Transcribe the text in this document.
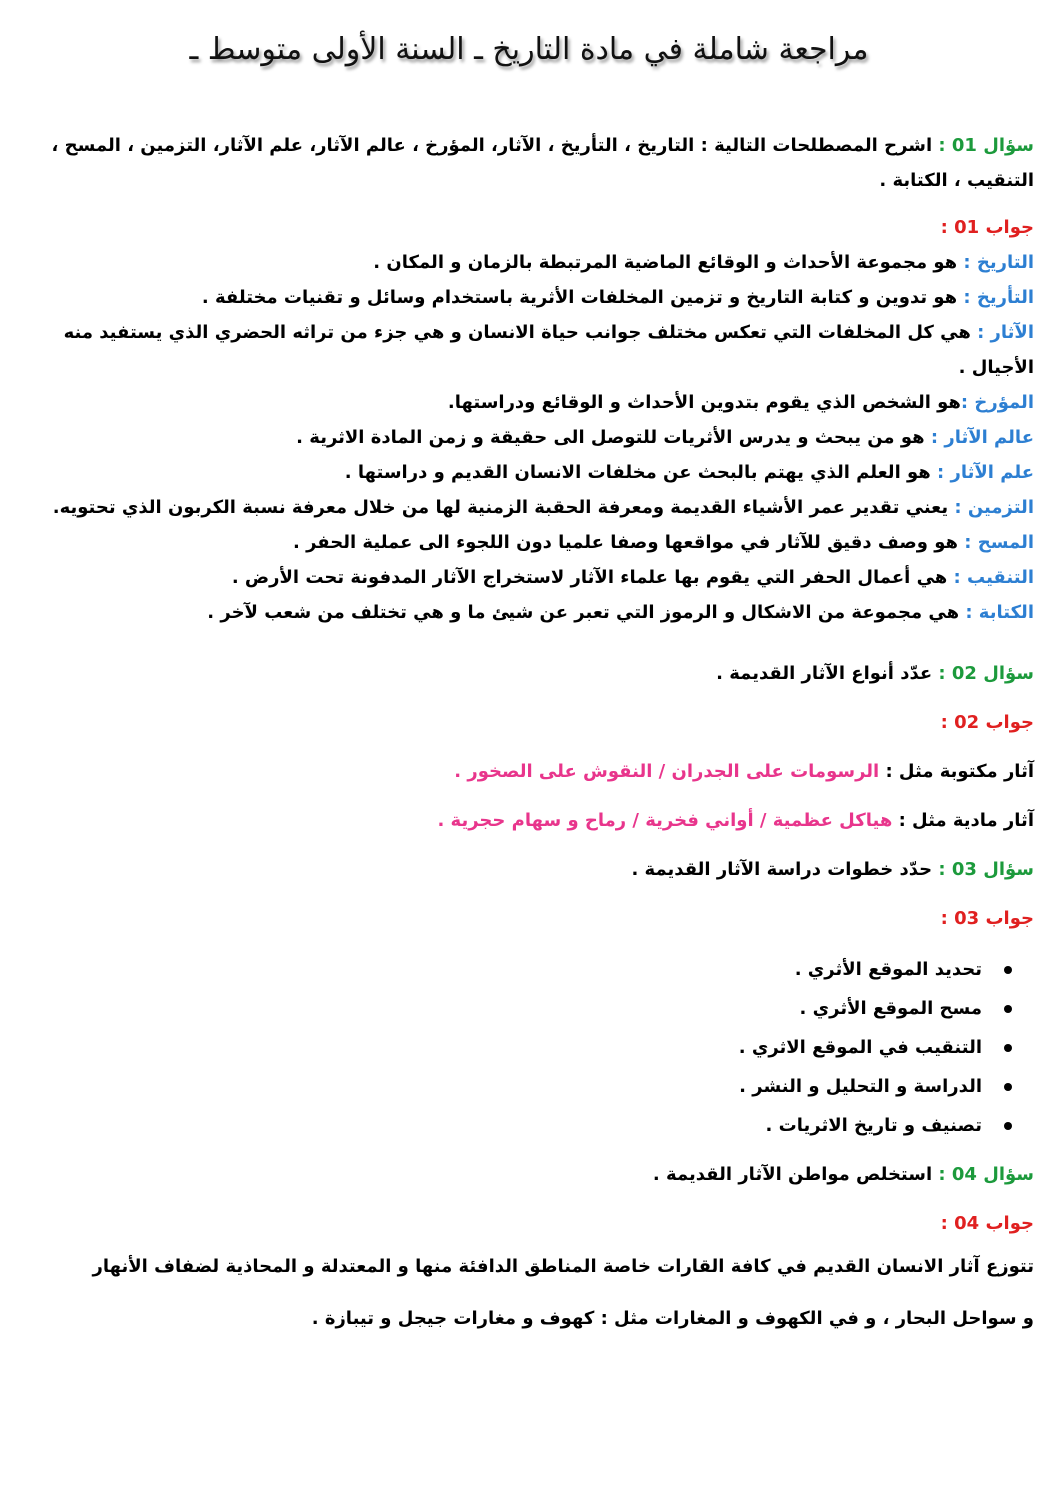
مراجعة شاملة في مادة التاريخ ـ السنة الأولى متوسط ـ

سؤال 01 : اشرح المصطلحات التالية : التاريخ ، التأريخ ، الآثار، المؤرخ ، عالم الآثار، علم الآثار، التزمين ، المسح ، التنقيب ، الكتابة .

جواب 01 :

التاريخ : هو مجموعة الأحداث و الوقائع الماضية المرتبطة بالزمان و المكان .

التأريخ : هو تدوين و كتابة التاريخ و تزمين المخلفات الأثرية باستخدام وسائل و تقنيات مختلفة .

الآثار : هي كل المخلفات التي تعكس مختلف جوانب حياة الانسان و هي جزء من تراثه الحضري الذي يستفيد منه الأجيال .

المؤرخ :هو الشخص الذي يقوم بتدوين الأحداث و الوقائع ودراستها.

عالم الآثار : هو من يبحث و يدرس الأثريات للتوصل الى حقيقة و زمن المادة الاثرية .

علم الآثار : هو العلم الذي يهتم بالبحث عن مخلفات الانسان القديم و دراستها .

التزمين : يعني تقدير عمر الأشياء القديمة ومعرفة الحقبة الزمنية لها من خلال معرفة نسبة الكربون الذي تحتويه.

المسح : هو وصف دقيق للآثار في مواقعها وصفا علميا دون اللجوء الى عملية الحفر .

التنقيب : هي أعمال الحفر التي يقوم بها علماء الآثار لاستخراج الآثار المدفونة تحت الأرض .

الكتابة : هي مجموعة من الاشكال و الرموز التي تعبر عن شيئ ما و هي تختلف من شعب لآخر .

سؤال 02 : عدّد أنواع الآثار القديمة .

جواب 02 :

آثار مكتوبة مثل : الرسومات على الجدران / النقوش على الصخور .

آثار مادية مثل : هياكل عظمية / أواني فخرية / رماح و سهام حجرية .

سؤال 03 : حدّد خطوات دراسة الآثار القديمة .

جواب 03 :

تحديد الموقع الأثري .
مسح الموقع الأثري .
التنقيب في الموقع الاثري .
الدراسة و التحليل و النشر .
تصنيف و تاريخ الاثريات .

سؤال 04 : استخلص مواطن الآثار القديمة .

جواب 04 :

تتوزع آثار الانسان القديم في كافة القارات خاصة المناطق الدافئة منها و المعتدلة و المحاذية لضفاف الأنهار
و سواحل البحار ، و في الكهوف و المغارات مثل : كهوف و مغارات جيجل و تيبازة .
